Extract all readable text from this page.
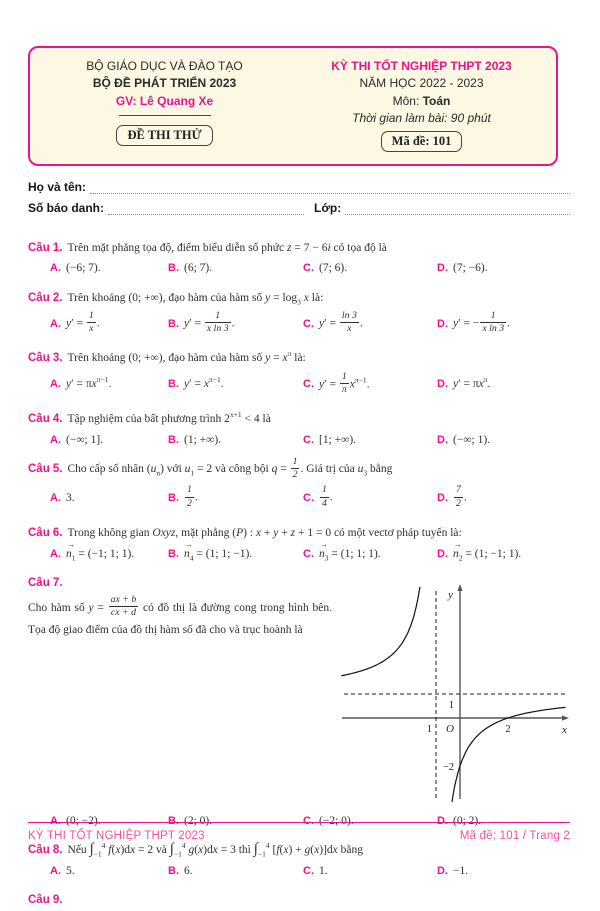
BỘ GIÁO DỤC VÀ ĐÀO TẠO
BỘ ĐỀ PHÁT TRIỂN 2023
GV: Lê Quang Xe
ĐỀ THI THỬ
KỲ THI TỐT NGHIỆP THPT 2023
NĂM HỌC 2022 - 2023
Môn: Toán
Thời gian làm bài: 90 phút
Mã đề: 101
Họ và tên:
Số báo danh:	Lớp:
Câu 1. Trên mặt phẳng tọa độ, điểm biểu diễn số phức z = 7 − 6i có tọa độ là
A. (−6; 7).	B. (6; 7).	C. (7; 6).	D. (7; −6).
Câu 2. Trên khoảng (0; +∞), đạo hàm của hàm số $y = \log_3 x$ là:
A. $y' = \frac{1}{x}$ .	B. $y' = \frac{1}{\text{x ln 3}}$ .	C. $y' = \frac{\ln 3}{x}$ .	D. y′ = − $\frac{1}{\text{x ln 3}}$ .
Câu 3. Trên khoảng (0; +∞), đạo hàm của hàm số $y = x^\pi$ là:
A. $y' = \pi x^{\pi-1}$.	B. $y' = x^{\pi-1}$.	C. $y' = \frac{1}{\pi} x^{\pi-1}$.	D. $y' = \pi x^\pi$.
Câu 4. Tập nghiệm của bất phương trình $2^{x+1} < 4$ là
A. (−∞; 1].	B. (1; +∞).	C. [1; +∞).	D. (−∞; 1).
Câu 5. Cho cấp số nhân $(u_n)$ với $u_1 = 2$ và công bội $q = \frac{1}{2}$ . Giá trị của $u_3$ bằng
A. 3.	B. $\frac{1}{2}$ .	C. $\frac{1}{4}$ .	D. $\frac{7}{2}$ .
Câu 6. Trong không gian Oxyz, mặt phẳng (P) : x + y + z + 1 = 0 có một vectơ pháp tuyến là:
A.
→
$n_1 = (-1$; 1; 1).	B.
→
$n_4 = (1$; 1; −1).	C.
→
$n_3 = (1$; 1; 1).	D.
→
$n_2 = (1$; −1; 1).
Câu 7.
Cho hàm số $y = \frac{ax + b}{cx + d}$ có đồ thị là đường cong trong hình bên. Tọa độ giao điểm của đồ thị hàm số đã cho và trục hoành là
y
x
O
1
1	2
−2
A. (0; −2).	B. (2; 0).	C. (−2; 0).	D. (0; 2).
Câu 8. Nếu $\int_{-1}^4$ f(x)dx = 2 và $\int_{-1}^4$ g(x)dx = 3 thì $\int_{-1}^4$ [f(x) + g(x)]dx bằng
A. 5.	B. 6.	C. 1.	D. −1.
Câu 9.
KỲ THI TỐT NGHIỆP THPT 2023	Mã đề: 101 / Trang 2
